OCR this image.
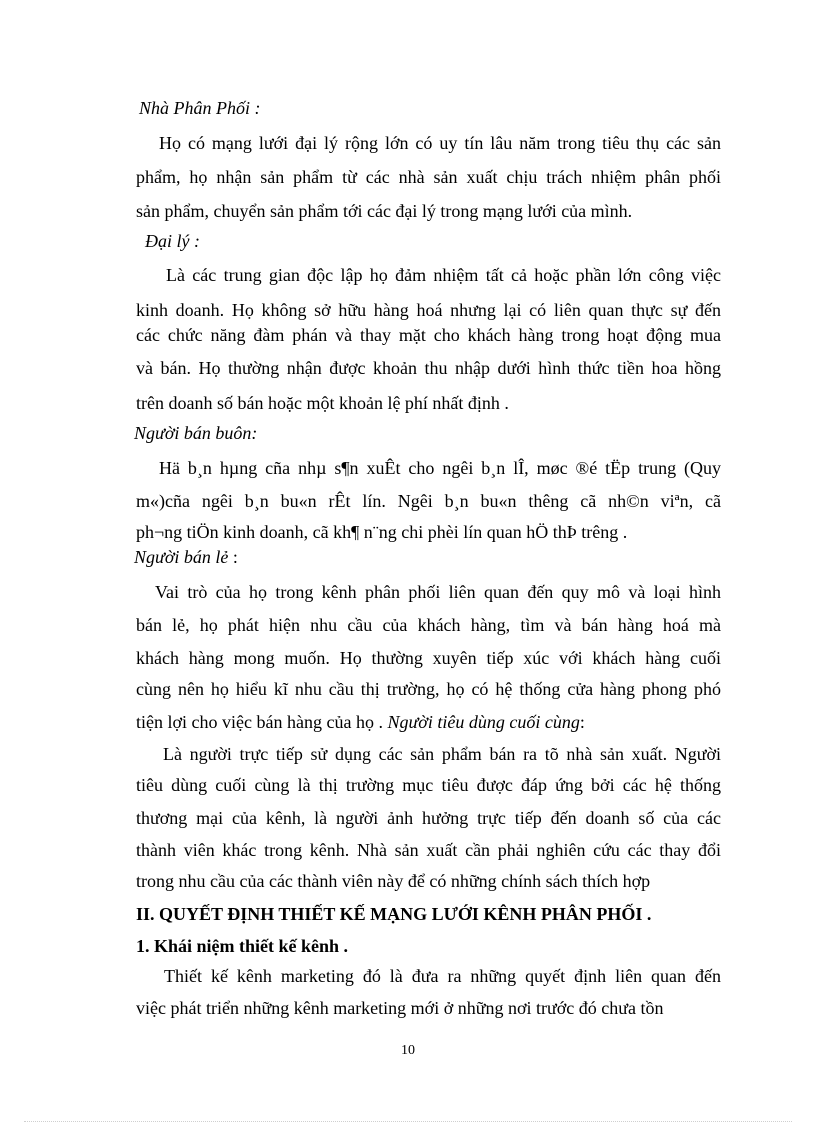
Nhà Phân Phối :
Họ có mạng lưới đại lý rộng lớn có uy tín lâu năm trong tiêu thụ các sản
phẩm, họ nhận sản phẩm từ các nhà sản xuất chịu trách nhiệm phân phối
sản phẩm, chuyển sản phẩm tới các đại lý trong mạng lưới của mình.
Đại lý :
Là các trung gian độc lập họ đảm nhiệm tất cả hoặc phần lớn công việc
kinh doanh. Họ không sở hữu hàng hoá nhưng lại có liên quan thực sự đến
các chức năng đàm phán và thay mặt cho khách hàng trong hoạt động mua
và bán. Họ thường nhận được khoản thu nhập dưới hình thức tiền hoa hồng
trên doanh số bán hoặc một khoản lệ phí nhất định .
Người bán buôn:
Hä b¸n hµng cña nhµ s¶n xuÊt cho ngêi b¸n lÎ, møc ®é tËp trung (Quy
m«)cña ngêi b¸n bu«n rÊt lín. Ngêi b¸n bu«n thêng cã nh©n viªn, cã
ph¬ng tiÖn kinh doanh, cã kh¶ n¨ng chi phèi lín quan hÖ thÞ trêng .
Người bán lẻ :
Vai trò của họ trong kênh phân phối liên quan đến quy mô và loại hình
bán lẻ, họ phát hiện nhu cầu của khách hàng, tìm và bán hàng hoá mà
khách hàng mong muốn. Họ thường xuyên tiếp xúc với khách hàng cuối
cùng nên họ hiểu kĩ nhu cầu thị trường, họ có hệ thống cửa hàng phong phó
tiện lợi cho việc bán hàng của họ . Người tiêu dùng cuối cùng:
Là người trực tiếp sử dụng các sản phẩm bán ra tõ nhà sản xuất. Người
tiêu dùng cuối cùng là thị trường mục tiêu được đáp ứng bởi các hệ thống
thương mại của kênh, là người ảnh hưởng trực tiếp đến doanh số của các
thành viên khác trong kênh. Nhà sản xuất cần phải nghiên cứu các thay đổi
trong nhu cầu của các thành viên này để có những chính sách thích hợp
II. QUYẾT ĐỊNH THIẾT KẾ MẠNG LƯỚI KÊNH PHÂN PHỐI .
1. Khái niệm thiết kế kênh .
Thiết kế kênh marketing đó là đưa ra những quyết định liên quan đến
việc phát triển những kênh marketing mới ở những nơi trước đó chưa tồn
10
